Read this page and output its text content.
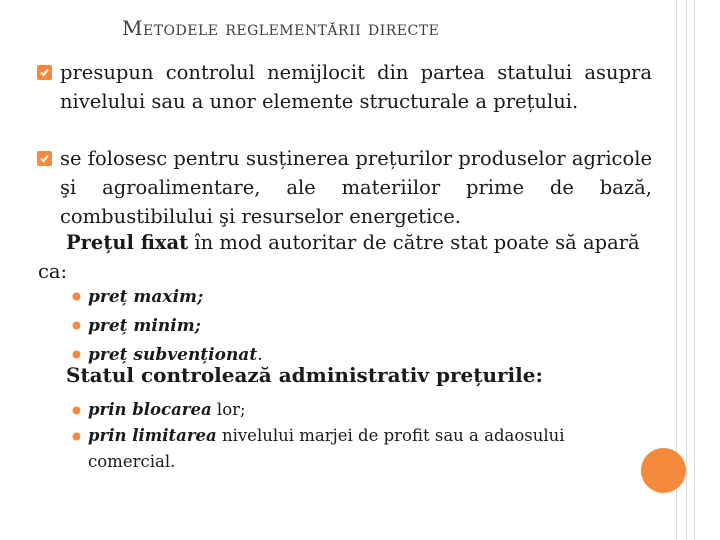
Metodele reglementării directe
presupun controlul nemijlocit din partea statului asupra nivelului sau a unor elemente structurale a prețului.
se folosesc pentru susținerea prețurilor produselor agricole şi agroalimentare, ale materiilor prime de bază, combustibilului şi resurselor energetice.
Prețul fixat în mod autoritar de către stat poate să apară ca:
preț maxim;
preț minim;
preț subvenționat.
Statul controlează administrativ prețurile:
prin blocarea lor;
prin limitarea nivelului marjei de profit sau a adaosului comercial.
